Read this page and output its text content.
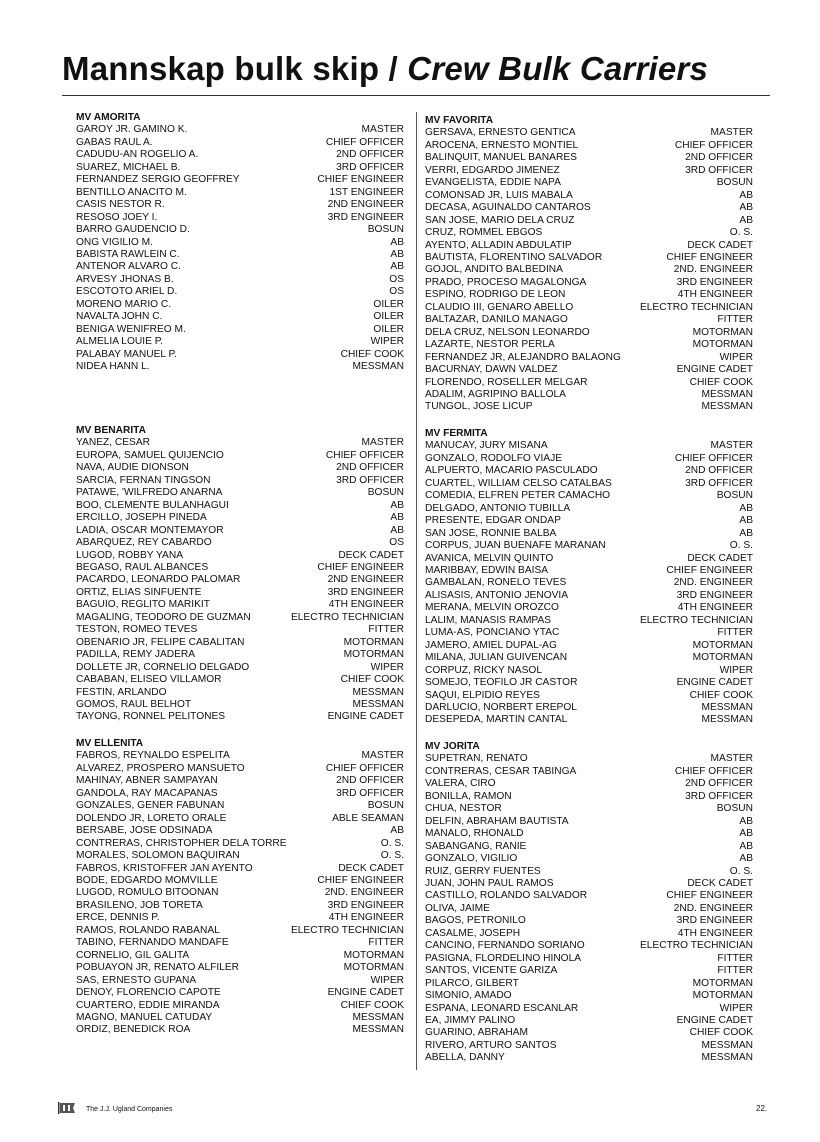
Mannskap bulk skip / Crew Bulk Carriers
MV AMORITA
GAROY JR. GAMINO K.	MASTER
GABAS RAUL A.	CHIEF OFFICER
CADUDU-AN ROGELIO A.	2ND OFFICER
SUAREZ, MICHAEL B.	3RD OFFICER
FERNANDEZ SERGIO GEOFFREY	CHIEF ENGINEER
BENTILLO ANACITO M.	1ST ENGINEER
CASIS NESTOR R.	2ND ENGINEER
RESOSO JOEY I.	3RD ENGINEER
BARRO GAUDENCIO D.	BOSUN
ONG VIGILIO M.	AB
BABISTA RAWLEIN C.	AB
ANTENOR ALVARO C.	AB
ARVESY JHONAS B.	OS
ESCOTOTO ARIEL D.	OS
MORENO MARIO C.	OILER
NAVALTA JOHN C.	OILER
BENIGA WENIFREO M.	OILER
ALMELIA LOUIE P.	WIPER
PALABAY MANUEL P.	CHIEF COOK
NIDEA HANN L.	MESSMAN
MV BENARITA
YANEZ, CESAR	MASTER
EUROPA, SAMUEL QUIJENCIO	CHIEF OFFICER
NAVA, AUDIE DIONSON	2ND OFFICER
SARCIA, FERNAN TINGSON	3RD OFFICER
PATAWE, 'WILFREDO ANARNA	BOSUN
BOO, CLEMENTE BULANHAGUI	AB
ERCILLO, JOSEPH PINEDA	AB
LADIA, OSCAR MONTEMAYOR	AB
ABARQUEZ, REY CABARDO	OS
LUGOD, ROBBY YANA	DECK CADET
BEGASO, RAUL ALBANCES	CHIEF ENGINEER
PACARDO, LEONARDO PALOMAR	2ND ENGINEER
ORTIZ, ELIAS SINFUENTE	3RD ENGINEER
BAGUIO, REGLITO MARIKIT	4TH ENGINEER
MAGALING, TEODORO DE GUZMAN	ELECTRO TECHNICIAN
TESTON, ROMEO TEVES	FITTER
OBENARIO JR, FELIPE CABALITAN	MOTORMAN
PADILLA, REMY JADERA	MOTORMAN
DOLLETE JR, CORNELIO DELGADO	WIPER
CABABAN, ELISEO VILLAMOR	CHIEF COOK
FESTIN, ARLANDO	MESSMAN
GOMOS, RAUL BELHOT	MESSMAN
TAYONG, RONNEL PELITONES	ENGINE CADET
MV ELLENITA
FABROS, REYNALDO ESPELITA	MASTER
ALVAREZ, PROSPERO MANSUETO	CHIEF OFFICER
MAHINAY, ABNER SAMPAYAN	2ND OFFICER
GANDOLA, RAY MACAPANAS	3RD OFFICER
GONZALES, GENER FABUNAN	BOSUN
DOLENDO JR, LORETO ORALE	ABLE SEAMAN
BERSABE, JOSE ODSINADA	AB
CONTRERAS, CHRISTOPHER DELA TORRE	O. S.
MORALES, SOLOMON BAQUIRAN	O. S.
FABROS, KRISTOFFER JAN AYENTO	DECK CADET
BODE, EDGARDO MOMVILLE	CHIEF ENGINEER
LUGOD, ROMULO BITOONAN	2ND. ENGINEER
BRASILENO, JOB TORETA	3RD ENGINEER
ERCE, DENNIS P.	4TH ENGINEER
RAMOS, ROLANDO RABANAL	ELECTRO TECHNICIAN
TABINO, FERNANDO MANDAFE	FITTER
CORNELIO, GIL GALITA	MOTORMAN
POBUAYON JR, RENATO ALFILER	MOTORMAN
SAS, ERNESTO GUPANA	WIPER
DENOY, FLORENCIO CAPOTE	ENGINE CADET
CUARTERO, EDDIE MIRANDA	CHIEF COOK
MAGNO, MANUEL CATUDAY	MESSMAN
ORDIZ, BENEDICK ROA	MESSMAN
MV FAVORITA
GERSAVA, ERNESTO GENTICA	MASTER
AROCENA, ERNESTO MONTIEL	CHIEF OFFICER
BALINQUIT, MANUEL BANARES	2ND OFFICER
VERRI, EDGARDO JIMENEZ	3RD OFFICER
EVANGELISTA, EDDIE NAPA	BOSUN
COMONSAD JR, LUIS MABALA	AB
DECASA, AGUINALDO CANTAROS	AB
SAN JOSE, MARIO DELA CRUZ	AB
CRUZ, ROMMEL EBGOS	O. S.
AYENTO, ALLADIN ABDULATIP	DECK CADET
BAUTISTA, FLORENTINO SALVADOR	CHIEF ENGINEER
GOJOL, ANDITO BALBEDINA	2ND. ENGINEER
PRADO, PROCESO MAGALONGA	3RD ENGINEER
ESPINO, RODRIGO DE LEON	4TH ENGINEER
CLAUDIO III, GENARO ABELLO	ELECTRO TECHNICIAN
BALTAZAR, DANILO MANAGO	FITTER
DELA CRUZ, NELSON LEONARDO	MOTORMAN
LAZARTE, NESTOR PERLA	MOTORMAN
FERNANDEZ JR, ALEJANDRO BALAONG	WIPER
BACURNAY, DAWN VALDEZ	ENGINE CADET
FLORENDO, ROSELLER MELGAR	CHIEF COOK
ADALIM, AGRIPINO BALLOLA	MESSMAN
TUNGOL, JOSE LICUP	MESSMAN
MV FERMITA
MANUCAY, JURY MISANA	MASTER
GONZALO, RODOLFO VIAJE	CHIEF OFFICER
ALPUERTO, MACARIO PASCULADO	2ND OFFICER
CUARTEL, WILLIAM CELSO CATALBAS	3RD OFFICER
COMEDIA, ELFREN PETER CAMACHO	BOSUN
DELGADO, ANTONIO TUBILLA	AB
PRESENTE, EDGAR ONDAP	AB
SAN JOSE, RONNIE BALBA	AB
CORPUS, JUAN BUENAFE MARANAN	O. S.
AVANICA, MELVIN QUINTO	DECK CADET
MARIBBAY, EDWIN BAISA	CHIEF ENGINEER
GAMBALAN, RONELO TEVES	2ND. ENGINEER
ALISASIS, ANTONIO JENOVIA	3RD ENGINEER
MERANA, MELVIN OROZCO	4TH ENGINEER
LALIM, MANASIS RAMPAS	ELECTRO TECHNICIAN
LUMA-AS, PONCIANO YTAC	FITTER
JAMERO, AMIEL DUPAL-AG	MOTORMAN
MILANA, JULIAN GUIVENCAN	MOTORMAN
CORPUZ, RICKY NASOL	WIPER
SOMEJO, TEOFILO JR CASTOR	ENGINE CADET
SAQUI, ELPIDIO REYES	CHIEF COOK
DARLUCIO, NORBERT EREPOL	MESSMAN
DESEPEDA, MARTIN CANTAL	MESSMAN
MV JORITA
SUPETRAN, RENATO	MASTER
CONTRERAS, CESAR TABINGA	CHIEF OFFICER
VALERA, CIRO	2ND OFFICER
BONILLA, RAMON	3RD OFFICER
CHUA, NESTOR	BOSUN
DELFIN, ABRAHAM BAUTISTA	AB
MANALO, RHONALD	AB
SABANGANG, RANIE	AB
GONZALO, VIGILIO	AB
RUIZ, GERRY FUENTES	O. S.
JUAN, JOHN PAUL RAMOS	DECK CADET
CASTILLO, ROLANDO SALVADOR	CHIEF ENGINEER
OLIVA, JAIME	2ND. ENGINEER
BAGOS, PETRONILO	3RD ENGINEER
CASALME, JOSEPH	4TH ENGINEER
CANCINO, FERNANDO SORIANO	ELECTRO TECHNICIAN
PASIGNA, FLORDELINO HINOLA	FITTER
SANTOS, VICENTE GARIZA	FITTER
PILARCO, GILBERT	MOTORMAN
SIMONIO, AMADO	MOTORMAN
ESPANA, LEONARD ESCANLAR	WIPER
EA, JIMMY PALINO	ENGINE CADET
GUARINO, ABRAHAM	CHIEF COOK
RIVERO, ARTURO SANTOS	MESSMAN
ABELLA, DANNY	MESSMAN
The J.J. Ugland Companies	22.
